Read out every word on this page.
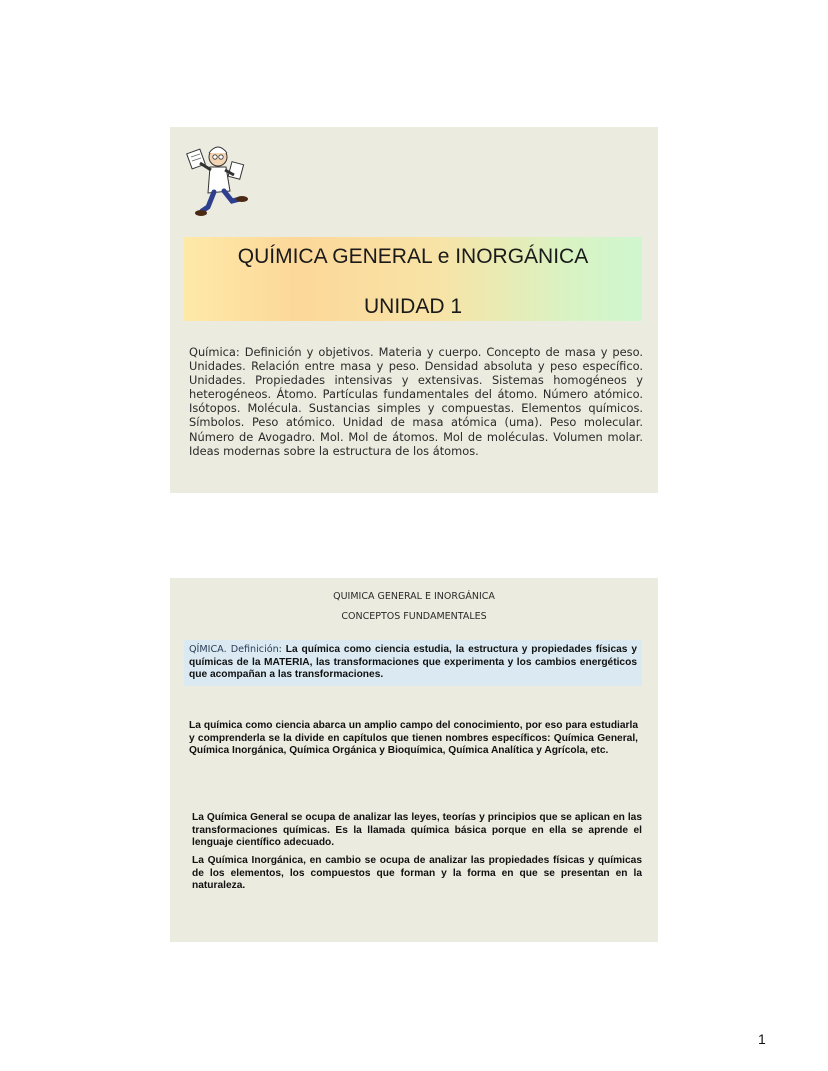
QUÍMICA GENERAL e INORGÁNICA
UNIDAD 1

Química: Definición y objetivos. Materia y cuerpo. Concepto de masa y peso. Unidades. Relación entre masa y peso. Densidad absoluta y peso específico. Unidades. Propiedades intensivas y extensivas. Sistemas homogéneos y heterogéneos. Átomo. Partículas fundamentales del átomo. Número atómico. Isótopos. Molécula. Sustancias simples y compuestas. Elementos químicos. Símbolos. Peso atómico. Unidad de masa atómica (uma). Peso molecular. Número de Avogadro. Mol. Mol de átomos. Mol de moléculas. Volumen molar. Ideas modernas sobre la estructura de los átomos.

QUIMICA GENERAL E INORGÁNICA
CONCEPTOS FUNDAMENTALES

QÍMICA. Definición: La química como ciencia estudia, la estructura y propiedades físicas y químicas de la MATERIA, las transformaciones que experimenta y los cambios energéticos que acompañan a las transformaciones.

La química como ciencia abarca un amplio campo del conocimiento, por eso para estudiarla y comprenderla se la divide en capítulos que tienen nombres específicos: Química General, Química Inorgánica, Química Orgánica y Bioquímica, Química Analítica y Agrícola, etc.

La Química General se ocupa de analizar las leyes, teorías y principios que se aplican en las transformaciones químicas. Es la llamada química básica porque en ella se aprende el lenguaje científico adecuado.

La Química Inorgánica, en cambio se ocupa de analizar las propiedades físicas y químicas de los elementos, los compuestos que forman y la forma en que se presentan en la naturaleza.

1
